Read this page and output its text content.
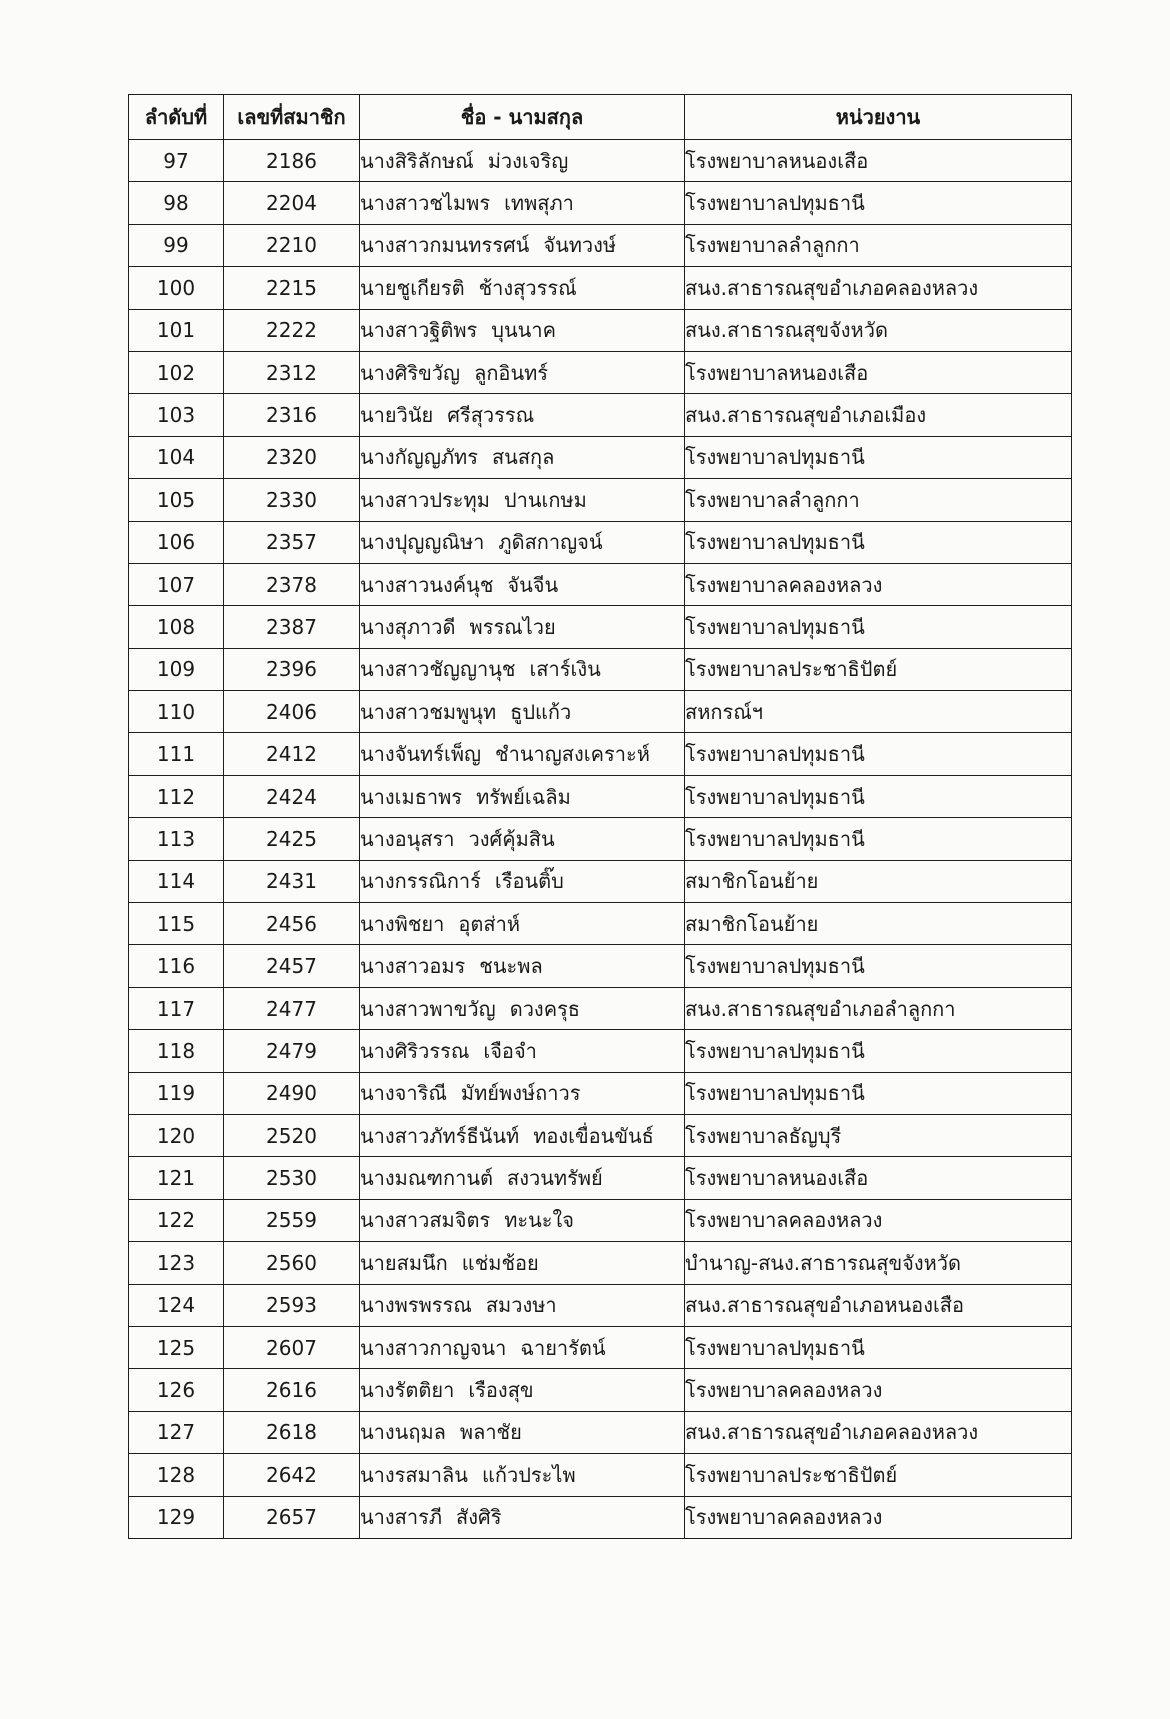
ลำดับที่	เลขที่สมาชิก	ชื่อ - นามสกุล	หน่วยงาน
97	2186	นางสิริลักษณ์ ม่วงเจริญ	โรงพยาบาลหนองเสือ
98	2204	นางสาวชไมพร เทพสุภา	โรงพยาบาลปทุมธานี
99	2210	นางสาวกมนทรรศน์ จันทวงษ์	โรงพยาบาลลำลูกกา
100	2215	นายชูเกียรติ ช้างสุวรรณ์	สนง.สาธารณสุขอำเภอคลองหลวง
101	2222	นางสาวฐิติพร บุนนาค	สนง.สาธารณสุขจังหวัด
102	2312	นางศิริขวัญ ลูกอินทร์	โรงพยาบาลหนองเสือ
103	2316	นายวินัย ศรีสุวรรณ	สนง.สาธารณสุขอำเภอเมือง
104	2320	นางกัญญภัทร สนสกุล	โรงพยาบาลปทุมธานี
105	2330	นางสาวประทุม ปานเกษม	โรงพยาบาลลำลูกกา
106	2357	นางปุญญณิษา ภูดิสกาญจน์	โรงพยาบาลปทุมธานี
107	2378	นางสาวนงค์นุช จันจีน	โรงพยาบาลคลองหลวง
108	2387	นางสุภาวดี พรรณไวย	โรงพยาบาลปทุมธานี
109	2396	นางสาวชัญญานุช เสาร์เงิน	โรงพยาบาลประชาธิปัตย์
110	2406	นางสาวชมพูนุท ธูปแก้ว	สหกรณ์ฯ
111	2412	นางจันทร์เพ็ญ ชำนาญสงเคราะห์	โรงพยาบาลปทุมธานี
112	2424	นางเมธาพร ทรัพย์เฉลิม	โรงพยาบาลปทุมธานี
113	2425	นางอนุสรา วงศ์คุ้มสิน	โรงพยาบาลปทุมธานี
114	2431	นางกรรณิการ์ เรือนติ๊บ	สมาชิกโอนย้าย
115	2456	นางพิชยา อุตส่าห์	สมาชิกโอนย้าย
116	2457	นางสาวอมร ชนะพล	โรงพยาบาลปทุมธานี
117	2477	นางสาวพาขวัญ ดวงครุธ	สนง.สาธารณสุขอำเภอลำลูกกา
118	2479	นางศิริวรรณ เจือจำ	โรงพยาบาลปทุมธานี
119	2490	นางจาริณี มัทย์พงษ์ถาวร	โรงพยาบาลปทุมธานี
120	2520	นางสาวภัทร์ธีนันท์ ทองเขื่อนขันธ์	โรงพยาบาลธัญบุรี
121	2530	นางมณฑกานต์ สงวนทรัพย์	โรงพยาบาลหนองเสือ
122	2559	นางสาวสมจิตร ทะนะใจ	โรงพยาบาลคลองหลวง
123	2560	นายสมนึก แช่มช้อย	บำนาญ-สนง.สาธารณสุขจังหวัด
124	2593	นางพรพรรณ สมวงษา	สนง.สาธารณสุขอำเภอหนองเสือ
125	2607	นางสาวกาญจนา ฉายารัตน์	โรงพยาบาลปทุมธานี
126	2616	นางรัตติยา เรืองสุข	โรงพยาบาลคลองหลวง
127	2618	นางนฤมล พลาชัย	สนง.สาธารณสุขอำเภอคลองหลวง
128	2642	นางรสมาลิน แก้วประไพ	โรงพยาบาลประชาธิปัตย์
129	2657	นางสารภี สังศิริ	โรงพยาบาลคลองหลวง
